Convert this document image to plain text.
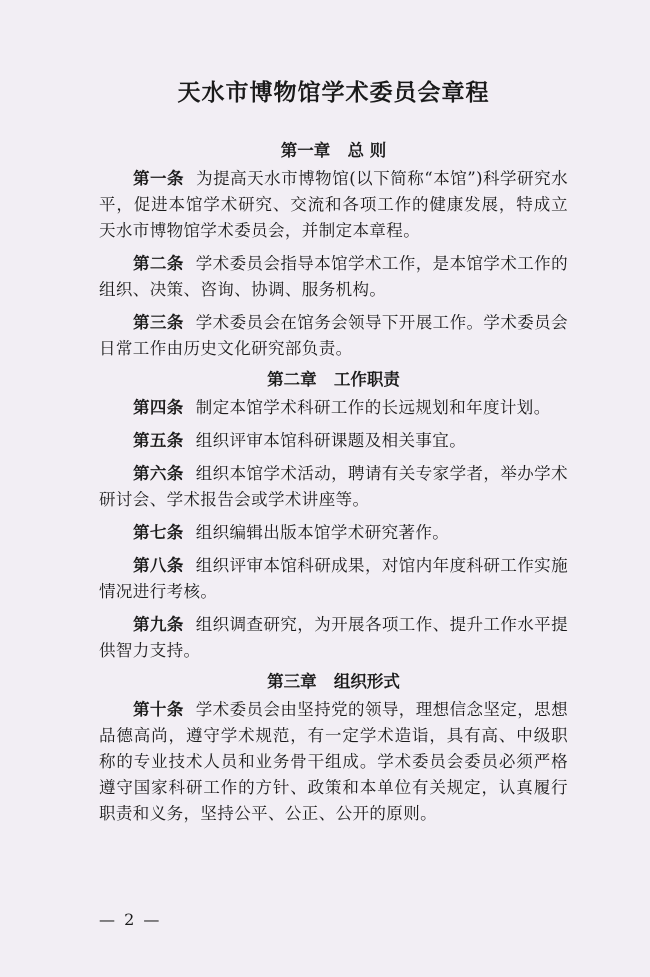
天水市博物馆学术委员会章程
第一章   总 则

第一条 为提高天水市博物馆(以下简称“本馆”)科学研究水平，促进本馆学术研究、交流和各项工作的健康发展，特成立天水市博物馆学术委员会，并制定本章程。

第二条 学术委员会指导本馆学术工作，是本馆学术工作的组织、决策、咨询、协调、服务机构。

第三条 学术委员会在馆务会领导下开展工作。学术委员会日常工作由历史文化研究部负责。

第二章   工作职责

第四条 制定本馆学术科研工作的长远规划和年度计划。

第五条 组织评审本馆科研课题及相关事宜。

第六条 组织本馆学术活动，聘请有关专家学者，举办学术研讨会、学术报告会或学术讲座等。

第七条 组织编辑出版本馆学术研究著作。

第八条 组织评审本馆科研成果，对馆内年度科研工作实施情况进行考核。

第九条 组织调查研究，为开展各项工作、提升工作水平提供智力支持。

第三章   组织形式

第十条 学术委员会由坚持党的领导，理想信念坚定，思想品德高尚，遵守学术规范，有一定学术造诣，具有高、中级职称的专业技术人员和业务骨干组成。学术委员会委员必须严格遵守国家科研工作的方针、政策和本单位有关规定，认真履行职责和义务，坚持公平、公正、公开的原则。

— 2 —
